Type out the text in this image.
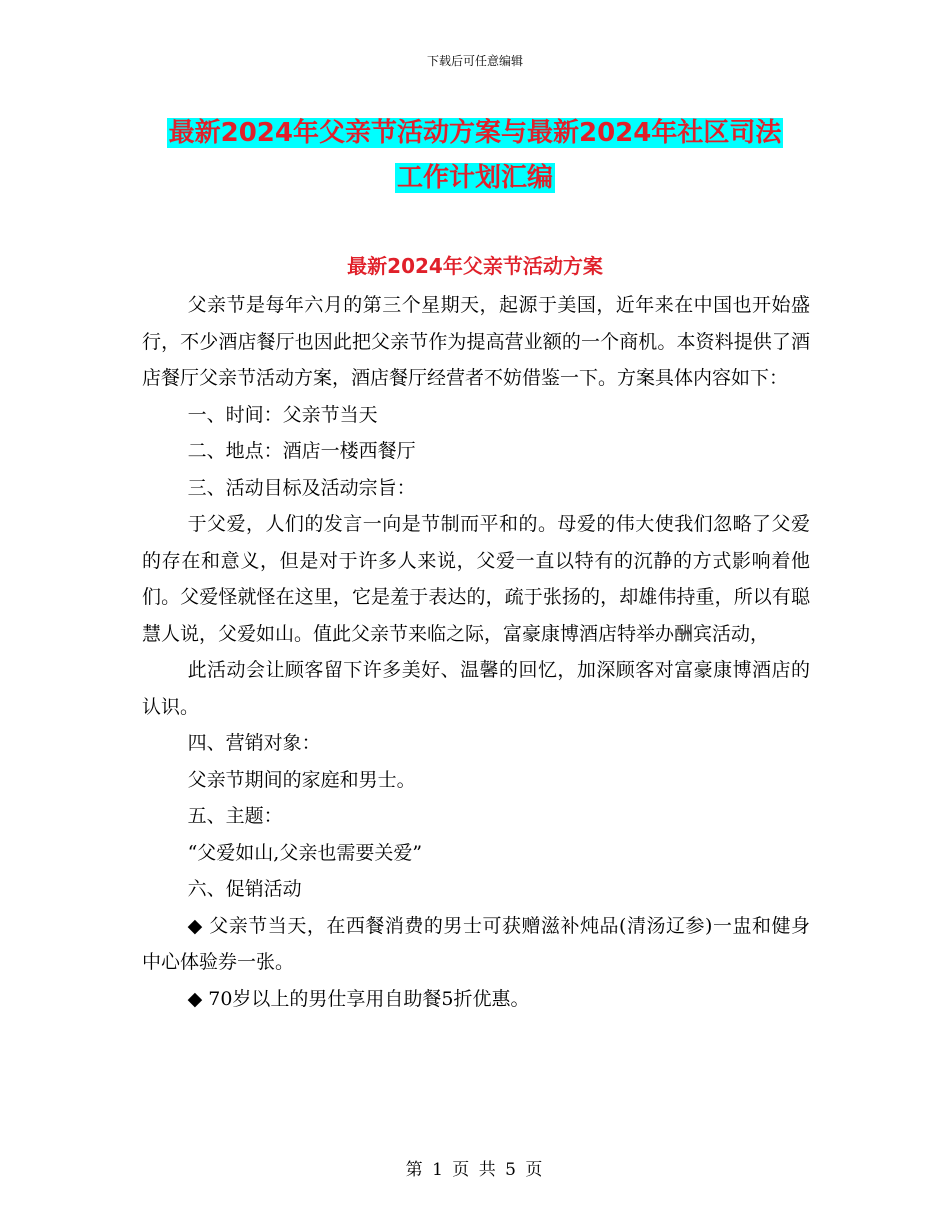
下载后可任意编辑
最新2024年父亲节活动方案与最新2024年社区司法
工作计划汇编
最新2024年父亲节活动方案

父亲节是每年六月的第三个星期天，起源于美国，近年来在中国也开始盛行，不少酒店餐厅也因此把父亲节作为提高营业额的一个商机。本资料提供了酒店餐厅父亲节活动方案，酒店餐厅经营者不妨借鉴一下。方案具体内容如下：

一、时间：父亲节当天

二、地点：酒店一楼西餐厅

三、活动目标及活动宗旨：

于父爱，人们的发言一向是节制而平和的。母爱的伟大使我们忽略了父爱的存在和意义，但是对于许多人来说，父爱一直以特有的沉静的方式影响着他们。父爱怪就怪在这里，它是羞于表达的，疏于张扬的，却雄伟持重，所以有聪慧人说，父爱如山。值此父亲节来临之际，富豪康博酒店特举办酬宾活动，

此活动会让顾客留下许多美好、温馨的回忆，加深顾客对富豪康博酒店的认识。

四、营销对象：

父亲节期间的家庭和男士。

五、主题：

“父爱如山,父亲也需要关爱”

六、促销活动

◆ 父亲节当天，在西餐消费的男士可获赠滋补炖品(清汤辽参)一盅和健身中心体验券一张。

◆ 70岁以上的男仕享用自助餐5折优惠。

第 1 页 共 5 页
